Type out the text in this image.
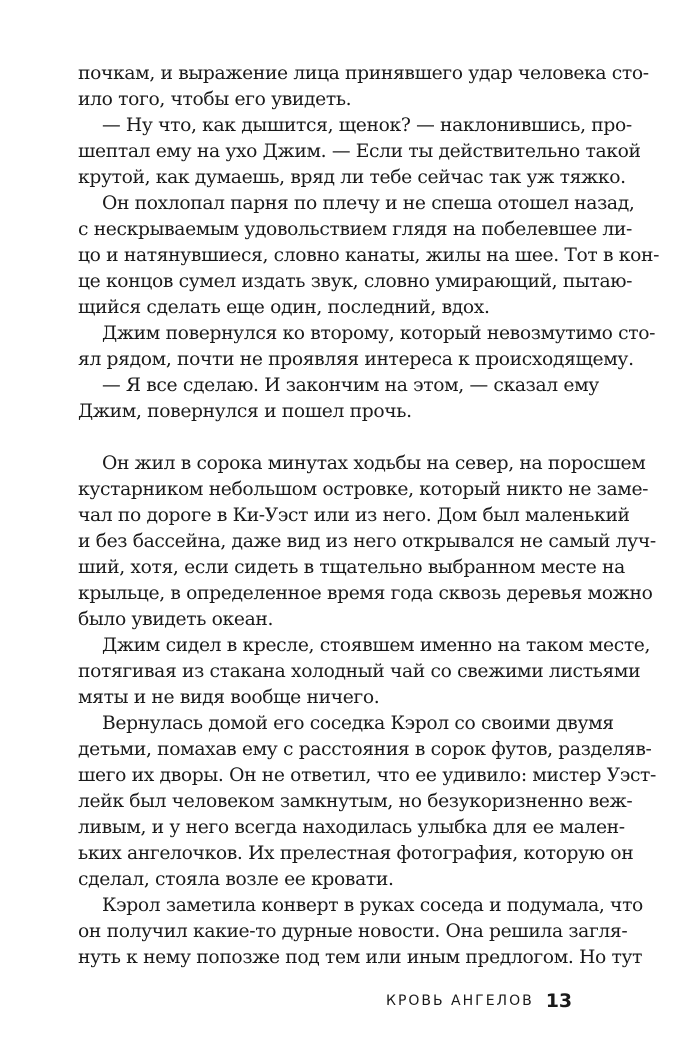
почкам, и выражение лица принявшего удар человека сто-
ило того, чтобы его увидеть.
— Ну что, как дышится, щенок? — наклонившись, про-
шептал ему на ухо Джим. — Если ты действительно такой
крутой, как думаешь, вряд ли тебе сейчас так уж тяжко.
Он похлопал парня по плечу и не спеша отошел назад,
с нескрываемым удовольствием глядя на побелевшее ли-
цо и натянувшиеся, словно канаты, жилы на шее. Тот в кон-
це концов сумел издать звук, словно умирающий, пытаю-
щийся сделать еще один, последний, вдох.
Джим повернулся ко второму, который невозмутимо сто-
ял рядом, почти не проявляя интереса к происходящему.
— Я все сделаю. И закончим на этом, — сказал ему
Джим, повернулся и пошел прочь.
Он жил в сорока минутах ходьбы на север, на поросшем
кустарником небольшом островке, который никто не заме-
чал по дороге в Ки-Уэст или из него. Дом был маленький
и без бассейна, даже вид из него открывался не самый луч-
ший, хотя, если сидеть в тщательно выбранном месте на
крыльце, в определенное время года сквозь деревья можно
было увидеть океан.
Джим сидел в кресле, стоявшем именно на таком месте,
потягивая из стакана холодный чай со свежими листьями
мяты и не видя вообще ничего.
Вернулась домой его соседка Кэрол со своими двумя
детьми, помахав ему с расстояния в сорок футов, разделяв-
шего их дворы. Он не ответил, что ее удивило: мистер Уэст-
лейк был человеком замкнутым, но безукоризненно веж-
ливым, и у него всегда находилась улыбка для ее мален-
ьких ангелочков. Их прелестная фотография, которую он
сделал, стояла возле ее кровати.
Кэрол заметила конверт в руках соседа и подумала, что
он получил какие-то дурные новости. Она решила загля-
нуть к нему попозже под тем или иным предлогом. Но тут
КРОВЬ АНГЕЛОВ 13
